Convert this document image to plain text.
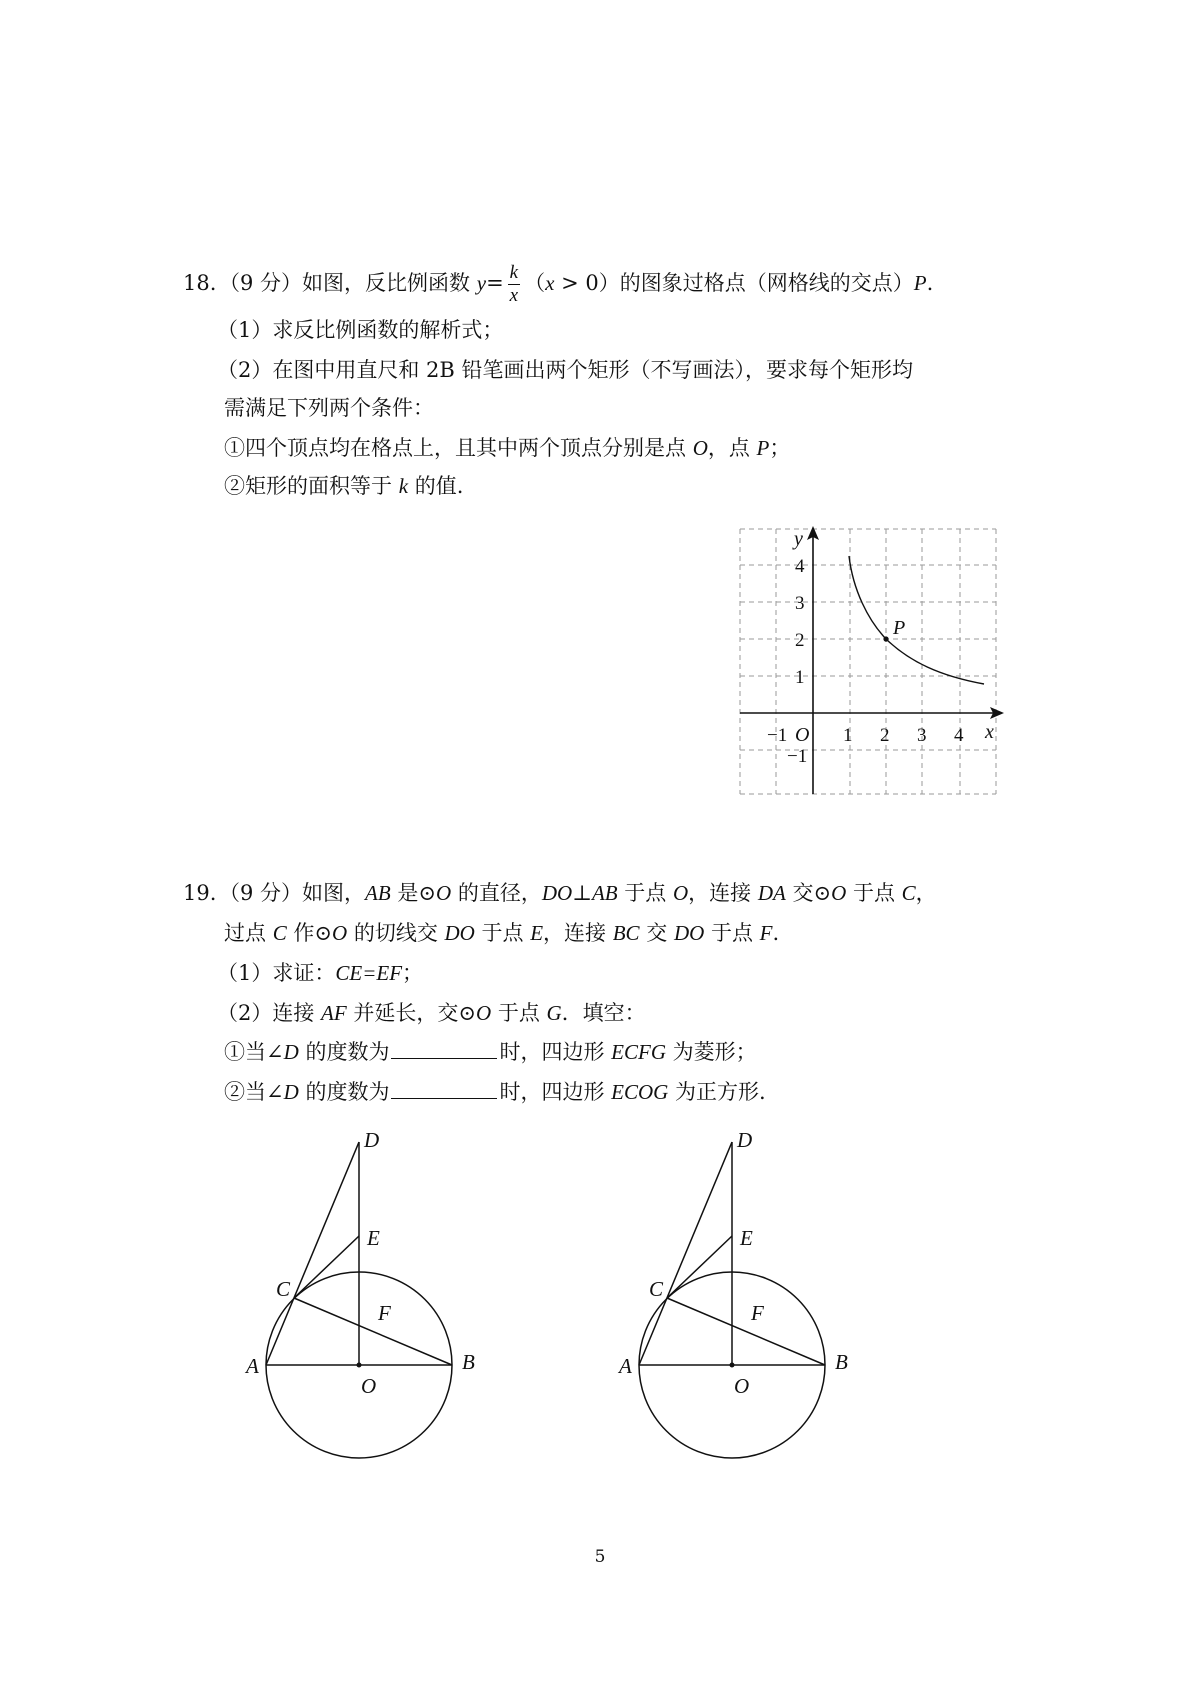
18. （9 分）如图，反比例函数 $y= \frac{k}{x} (x > 0)$的图象过格点（网格线的交点）P.
（1）求反比例函数的解析式；
（2）在图中用直尺和 2B 铅笔画出两个矩形（不写画法），要求每个矩形均
需满足下列两个条件：
①四个顶点均在格点上，且其中两个顶点分别是点 O，点 P；
②矩形的面积等于 k 的值.
P
y
x
O
−1	1 2 3 4
4
3
2
1
−1
19. （9 分）如图，AB 是⊙O 的直径，DO⊥AB 于点 O，连接 DA 交⊙O 于点 C，
过点 C 作⊙O 的切线交 DO 于点 E，连接 BC 交 DO 于点 F.
（1）求证：CE=EF；
（2）连接 AF 并延长，交⊙O 于点 G．填空：
①当∠D 的度数为	时，四边形 ECFG 为菱形；
②当∠D 的度数为	时，四边形 ECOG 为正方形.
D
E
C
F
A	B
O
D
E
C
F
A	B
O
5
